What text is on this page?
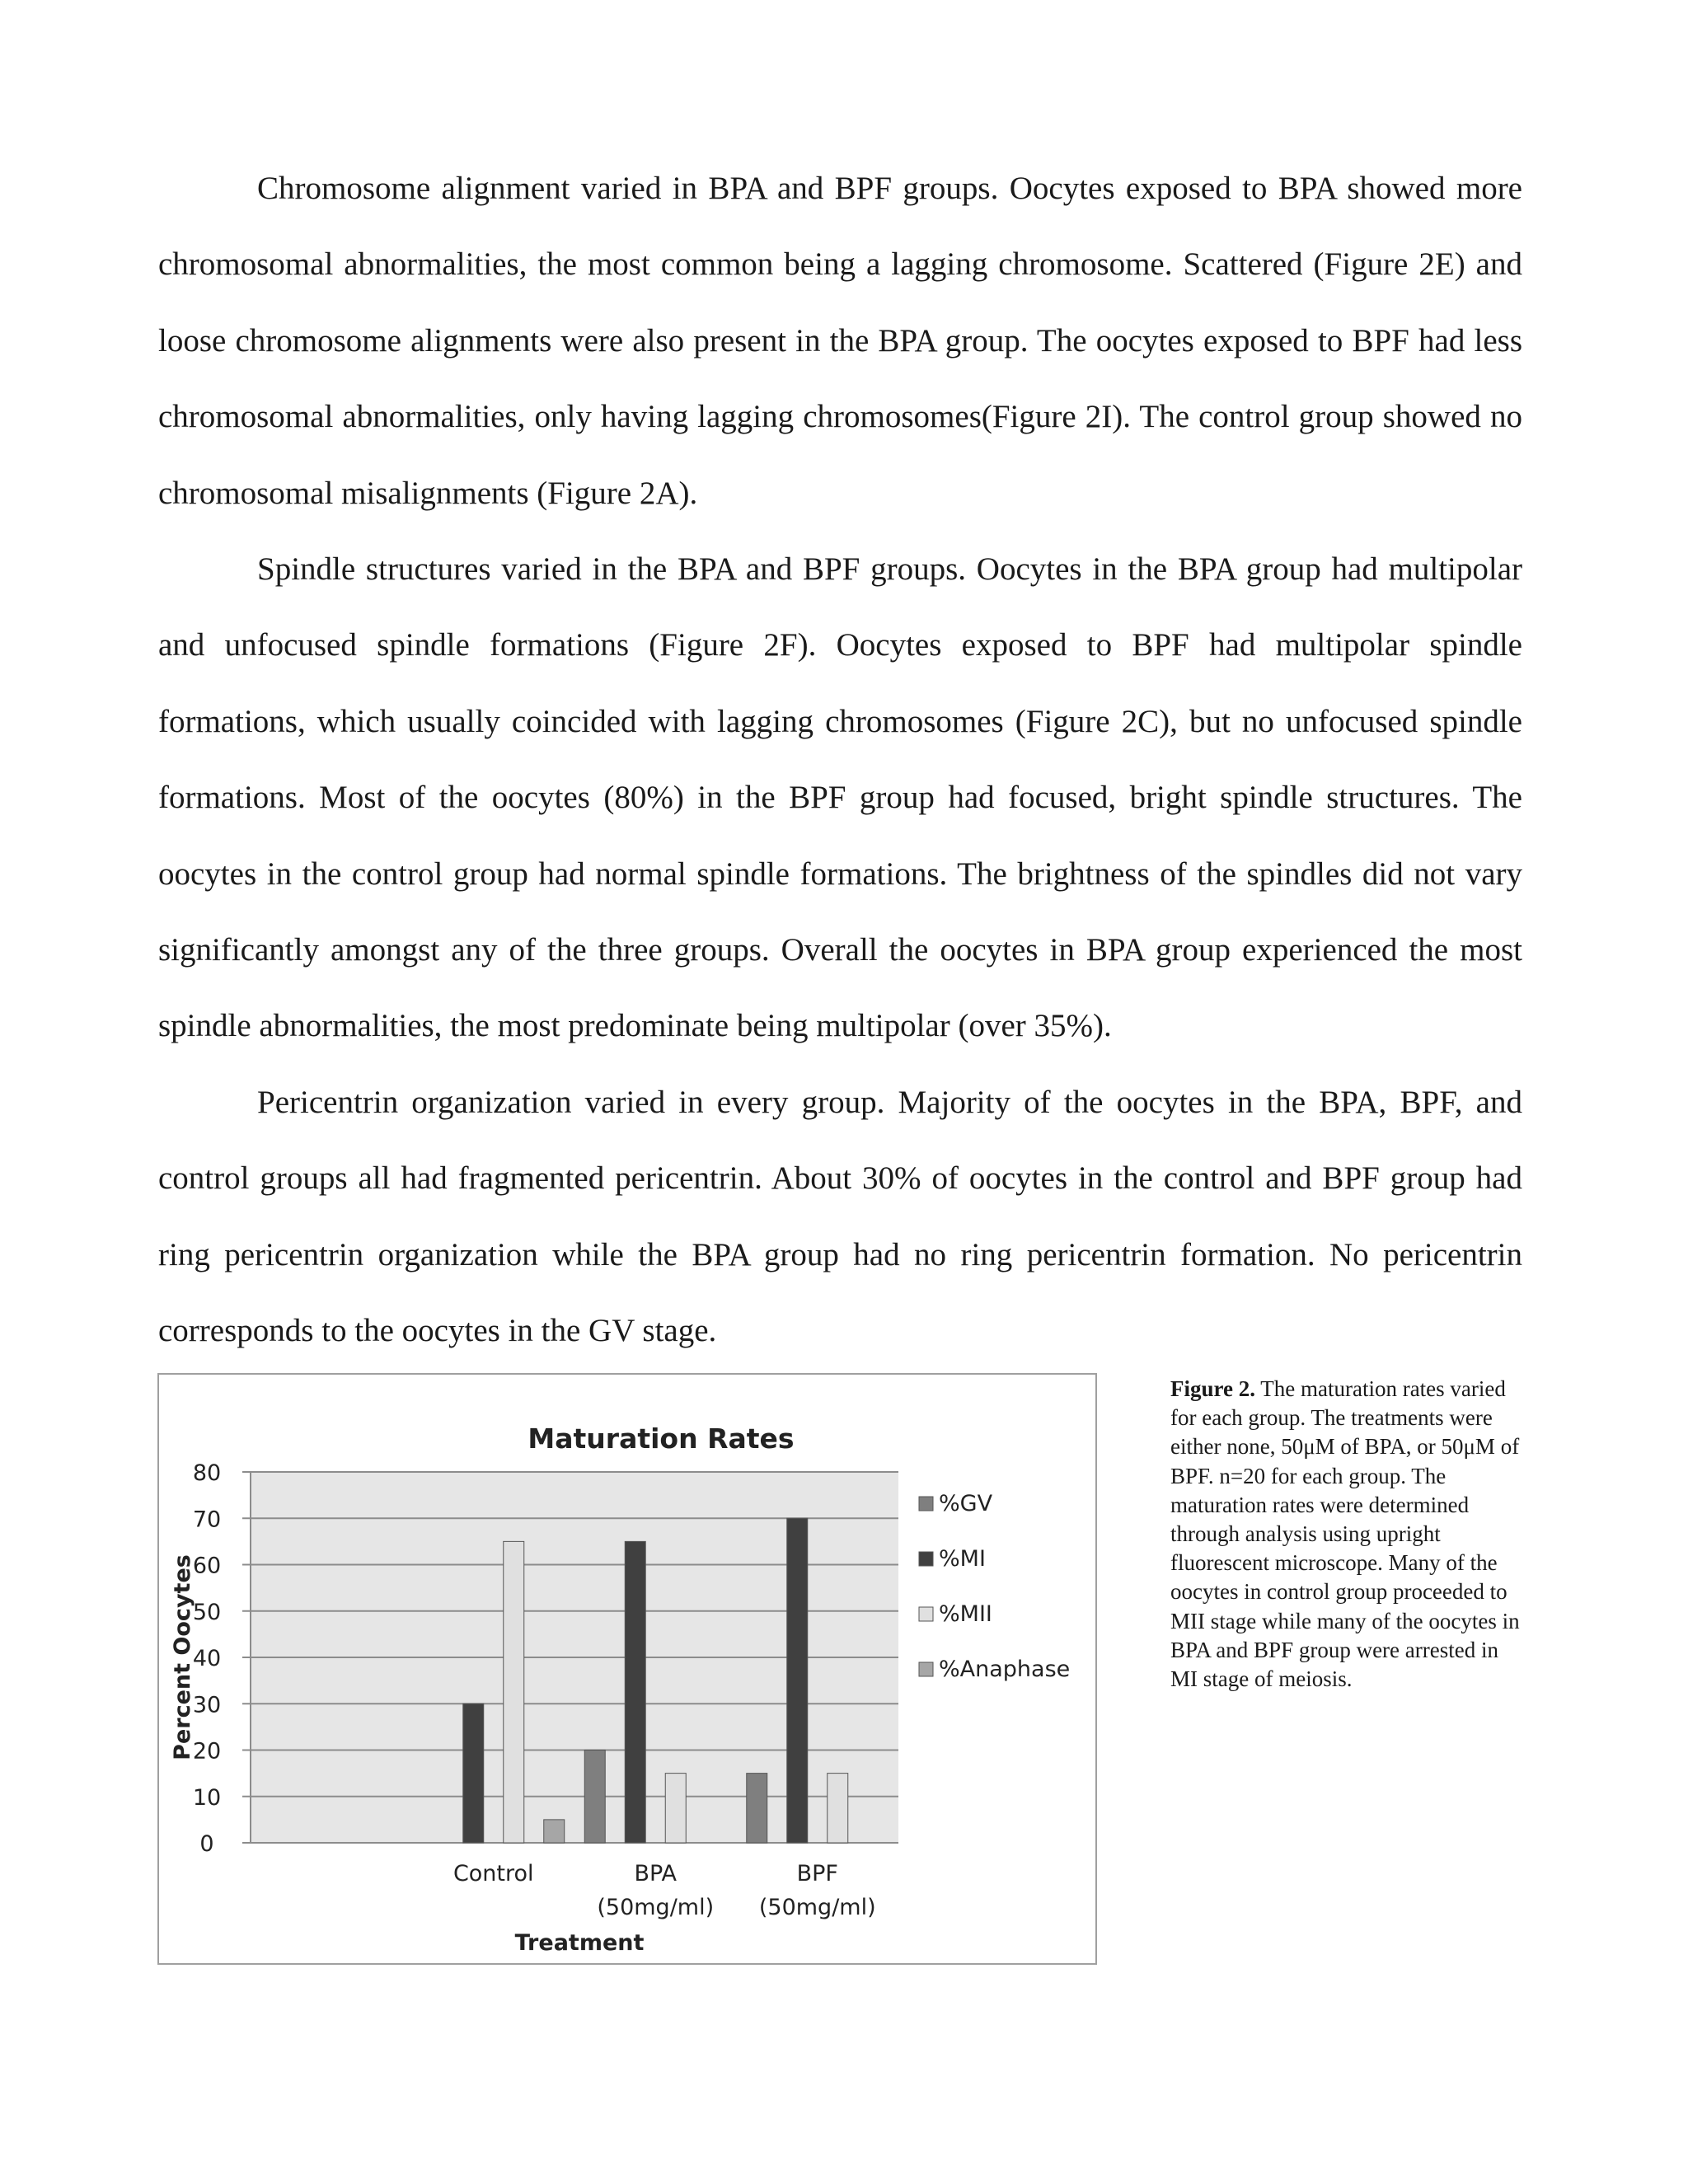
Chromosome alignment varied in BPA and BPF groups. Oocytes exposed to BPA showed more chromosomal abnormalities, the most common being a lagging chromosome. Scattered (Figure 2E) and loose chromosome alignments were also present in the BPA group. The oocytes exposed to BPF had less chromosomal abnormalities, only having lagging chromosomes(Figure 2I). The control group showed no chromosomal misalignments (Figure 2A).

Spindle structures varied in the BPA and BPF groups. Oocytes in the BPA group had multipolar and unfocused spindle formations (Figure 2F). Oocytes exposed to BPF had multipolar spindle formations, which usually coincided with lagging chromosomes (Figure 2C), but no unfocused spindle formations. Most of the oocytes (80%) in the BPF group had focused, bright spindle structures. The oocytes in the control group had normal spindle formations. The brightness of the spindles did not vary significantly amongst any of the three groups. Overall the oocytes in BPA group experienced the most spindle abnormalities, the most predominate being multipolar (over 35%).

Pericentrin organization varied in every group. Majority of the oocytes in the BPA, BPF, and control groups all had fragmented pericentrin. About 30% of oocytes in the control and BPF group had ring pericentrin organization while the BPA group had no ring pericentrin formation. No pericentrin corresponds to the oocytes in the GV stage.

0
10
20
30
40
50
60
70
80
Control	BPA
(50mg/ml)
BPF
(50mg/ml)
Maturation Rates
Treatment
Percent Oocytes
%GV
%MI
%MII
%Anaphase
Figure 2. The maturation rates varied for each group. The treatments were either none, 50μM of BPA, or 50μM of BPF. n=20 for each group. The maturation rates were determined through analysis using upright fluorescent microscope. Many of the oocytes in control group proceeded to MII stage while many of the oocytes in BPA and BPF group were arrested in MI stage of meiosis.
